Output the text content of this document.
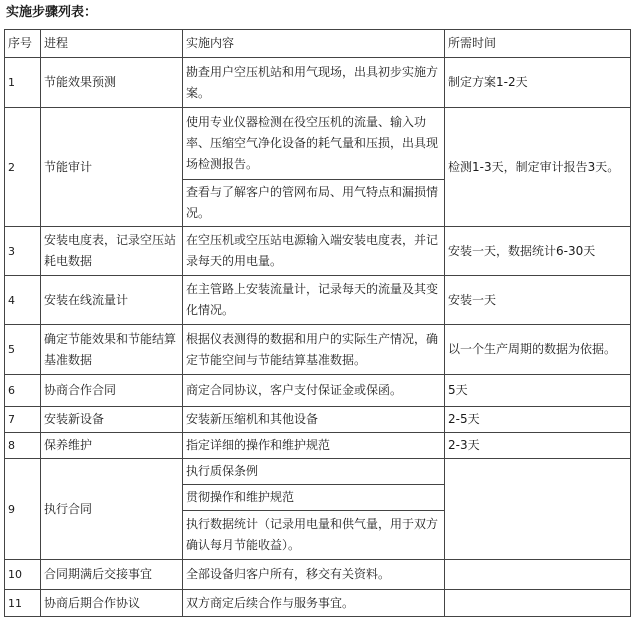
实施步骤列表：
序号	进程	实施内容	所需时间
1	节能效果预测	勘查用户空压机站和用气现场，出具初步实施方案。	制定方案1-2天
2	节能审计	使用专业仪器检测在役空压机的流量、输入功率、压缩空气净化设备的耗气量和压损，出具现场检测报告。	检测1-3天，制定审计报告3天。
		查看与了解客户的管网布局、用气特点和漏损情况。	
3	安装电度表，记录空压站耗电数据	在空压机或空压站电源输入端安装电度表，并记录每天的用电量。	安装一天，数据统计6-30天
4	安装在线流量计	在主管路上安装流量计，记录每天的流量及其变化情况。	安装一天
5	确定节能效果和节能结算基准数据	根据仪表测得的数据和用户的实际生产情况，确定节能空间与节能结算基准数据。	以一个生产周期的数据为依据。
6	协商合作合同	商定合同协议，客户支付保证金或保函。	5天
7	安装新设备	安装新压缩机和其他设备	2-5天
8	保养维护	指定详细的操作和维护规范	2-3天
9	执行合同	执行质保条例	
		贯彻操作和维护规范	
		执行数据统计（记录用电量和供气量，用于双方确认每月节能收益）。	
10	合同期满后交接事宜	全部设备归客户所有，移交有关资料。	
11	协商后期合作协议	双方商定后续合作与服务事宜。	
